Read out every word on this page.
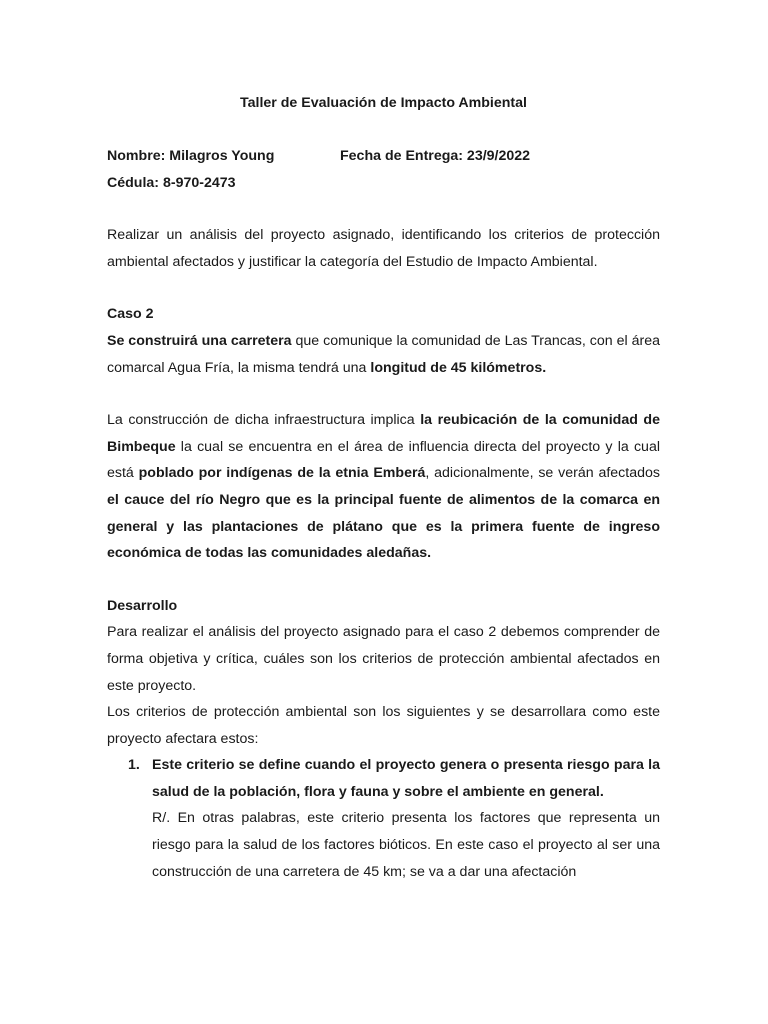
Taller de Evaluación de Impacto Ambiental
Nombre: Milagros Young	Fecha de Entrega: 23/9/2022

Cédula: 8-970-2473

Realizar un análisis del proyecto asignado, identificando los criterios de protección ambiental afectados y justificar la categoría del Estudio de Impacto Ambiental.

Caso 2

Se construirá una carretera que comunique la comunidad de Las Trancas, con el área comarcal Agua Fría, la misma tendrá una longitud de 45 kilómetros.

La construcción de dicha infraestructura implica la reubicación de la comunidad de Bimbeque la cual se encuentra en el área de influencia directa del proyecto y la cual está poblado por indígenas de la etnia Emberá, adicionalmente, se verán afectados el cauce del río Negro que es la principal fuente de alimentos de la comarca en general y las plantaciones de plátano que es la primera fuente de ingreso económica de todas las comunidades aledañas.

Desarrollo

Para realizar el análisis del proyecto asignado para el caso 2 debemos comprender de forma objetiva y crítica, cuáles son los criterios de protección ambiental afectados en este proyecto.

Los criterios de protección ambiental son los siguientes y se desarrollara como este proyecto afectara estos:

1. Este criterio se define cuando el proyecto genera o presenta riesgo para la salud de la población, flora y fauna y sobre el ambiente en general.

R/. En otras palabras, este criterio presenta los factores que representa un riesgo para la salud de los factores bióticos. En este caso el proyecto al ser una construcción de una carretera de 45 km; se va a dar una afectación
